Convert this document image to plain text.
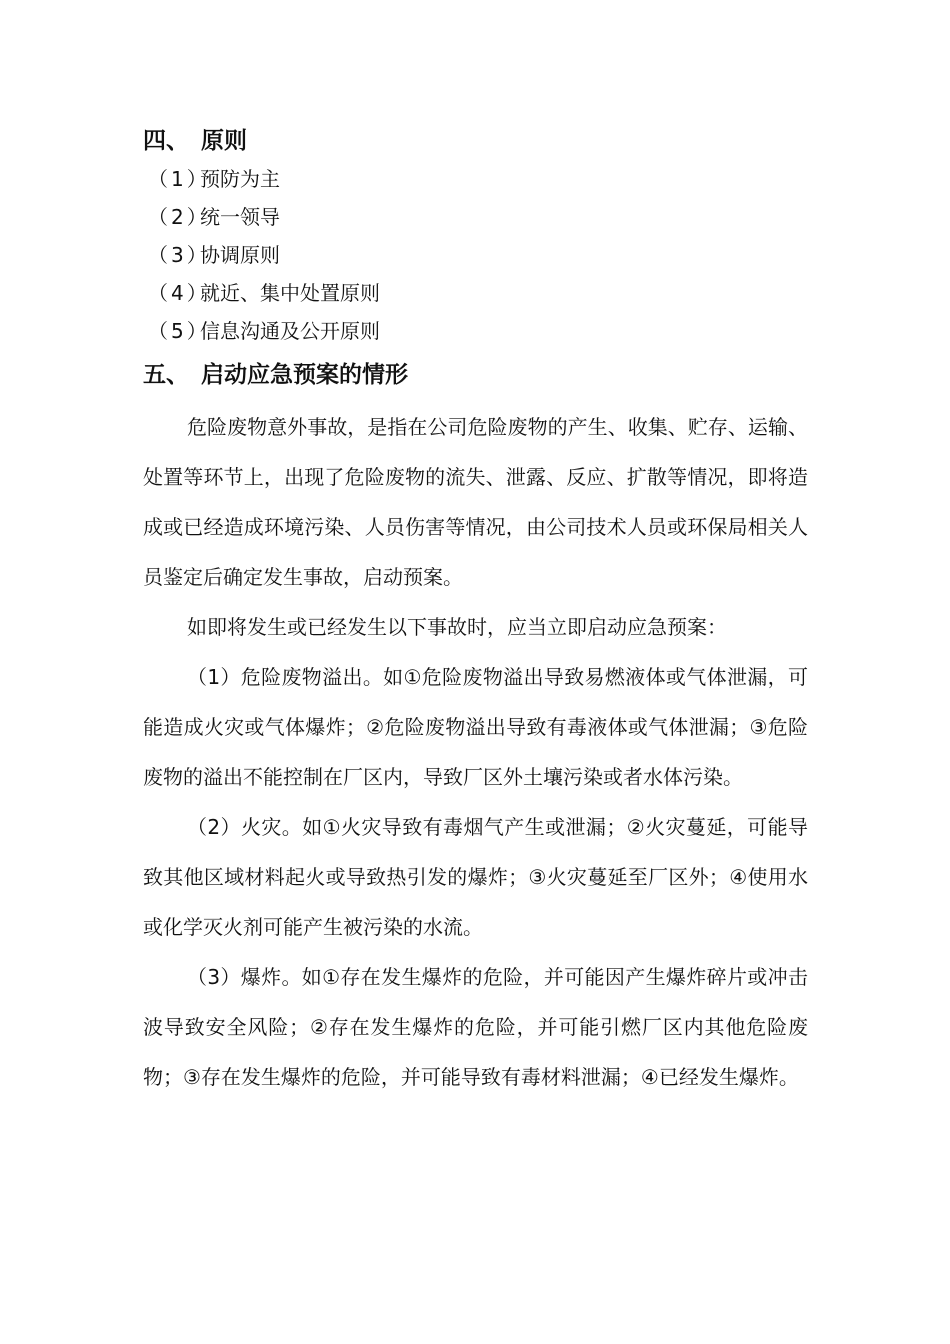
四、 原则
（1）预防为主
（2）统一领导
（3）协调原则
（4）就近、集中处置原则
（5）信息沟通及公开原则
五、 启动应急预案的情形

危险废物意外事故，是指在公司危险废物的产生、收集、贮存、运输、处置等环节上，出现了危险废物的流失、泄露、反应、扩散等情况，即将造成或已经造成环境污染、人员伤害等情况，由公司技术人员或环保局相关人员鉴定后确定发生事故，启动预案。

如即将发生或已经发生以下事故时，应当立即启动应急预案：

（1）危险废物溢出。如①危险废物溢出导致易燃液体或气体泄漏，可能造成火灾或气体爆炸；②危险废物溢出导致有毒液体或气体泄漏；③危险废物的溢出不能控制在厂区内，导致厂区外土壤污染或者水体污染。

（2）火灾。如①火灾导致有毒烟气产生或泄漏；②火灾蔓延，可能导致其他区域材料起火或导致热引发的爆炸；③火灾蔓延至厂区外；④使用水或化学灭火剂可能产生被污染的水流。

（3）爆炸。如①存在发生爆炸的危险，并可能因产生爆炸碎片或冲击波导致安全风险；②存在发生爆炸的危险，并可能引燃厂区内其他危险废物；③存在发生爆炸的危险，并可能导致有毒材料泄漏；④已经发生爆炸。
